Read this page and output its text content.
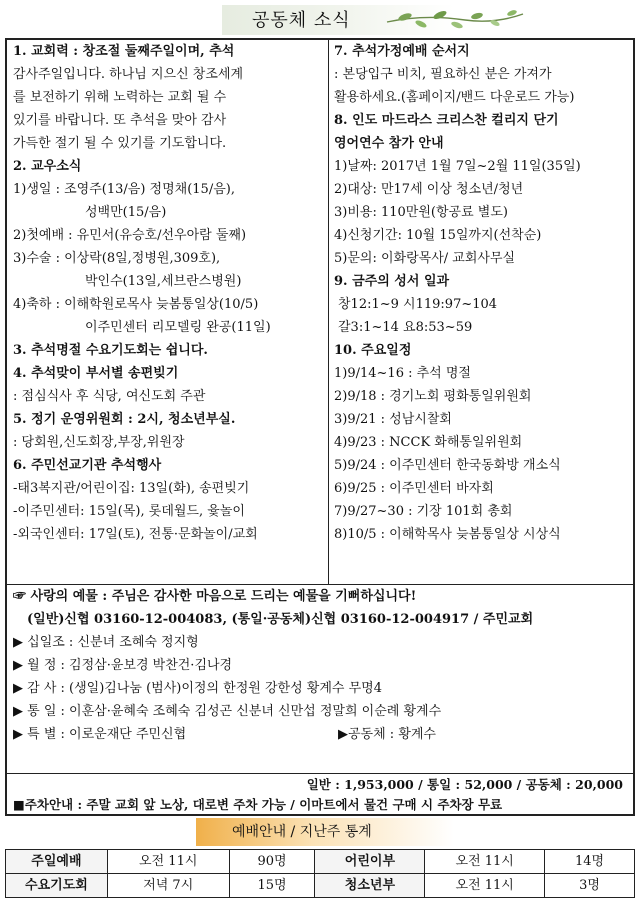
공동체 소식
1. 교회력 : 창조절 둘째주일이며, 추석
감사주일입니다. 하나님 지으신 창조세계
를 보전하기 위해 노력하는 교회 될 수
있기를 바랍니다. 또 추석을 맞아 감사
가득한 절기 될 수 있기를 기도합니다.
2. 교우소식
1)생일 : 조영주(13/음) 정명채(15/음),
성백만(15/음)
2)첫예배 : 유민서(유승호/선우아람 둘째)
3)수술 : 이상락(8일,정병원,309호),
박인수(13일,세브란스병원)
4)축하 : 이해학원로목사 늦봄통일상(10/5)
이주민센터 리모델링 완공(11일)
3. 추석명절 수요기도회는 쉽니다.
4. 추석맞이 부서별 송편빚기
: 점심식사 후 식당, 여신도회 주관
5. 정기 운영위원회 : 2시, 청소년부실.
: 당회원,신도회장,부장,위원장
6. 주민선교기관 추석행사
-태3복지관/어린이집: 13일(화), 송편빚기
-이주민센터: 15일(목), 롯데월드, 윷놀이
-외국인센터: 17일(토), 전통·문화놀이/교회
7. 추석가정예배 순서지
: 본당입구 비치, 필요하신 분은 가져가
활용하세요.(홈페이지/밴드 다운로드 가능)
8. 인도 마드라스 크리스찬 컬리지 단기
영어연수 참가 안내
1)날짜: 2017년 1월 7일~2월 11일(35일)
2)대상: 만17세 이상 청소년/청년
3)비용: 110만원(항공료 별도)
4)신청기간: 10월 15일까지(선착순)
5)문의: 이화랑목사/ 교회사무실
9. 금주의 성서 일과
창12:1~9 시119:97~104
갈3:1~14 요8:53~59
10. 주요일정
1)9/14~16 : 추석 명절
2)9/18 : 경기노회 평화통일위원회
3)9/21 : 성남시찰회
4)9/23 : NCCK 화해통일위원회
5)9/24 : 이주민센터 한국동화방 개소식
6)9/25 : 이주민센터 바자회
7)9/27~30 : 기장 101회 총회
8)10/5 : 이해학목사 늦봄통일상 시상식
☞ 사랑의 예물 : 주님은 감사한 마음으로 드리는 예물을 기뻐하십니다!
(일반)신협 03160-12-004083, (통일·공동체)신협 03160-12-004917 / 주민교회
▶ 십일조 : 신분녀 조혜숙 정지형
▶ 월 정 : 김정삼·윤보경 박찬건·김나경
▶ 감 사 : (생일)김나눔 (범사)이정의 한정원 강한성 황계수 무명4
▶ 통 일 : 이훈삼·윤혜숙 조혜숙 김성곤 신분녀 신만섭 정말희 이순례 황계수
▶ 특 별 : 이로운재단 주민신협	▶공동체 : 황계수
일반 : 1,953,000 / 통일 : 52,000 / 공동체 : 20,000
■주차안내 : 주말 교회 앞 노상, 대로변 주차 가능 / 이마트에서 물건 구매 시 주차장 무료
예배안내 / 지난주 통계
주일예배	오전 11시	90명	어린이부	오전 11시	14명
수요기도회	저녁 7시	15명	청소년부	오전 11시	3명
